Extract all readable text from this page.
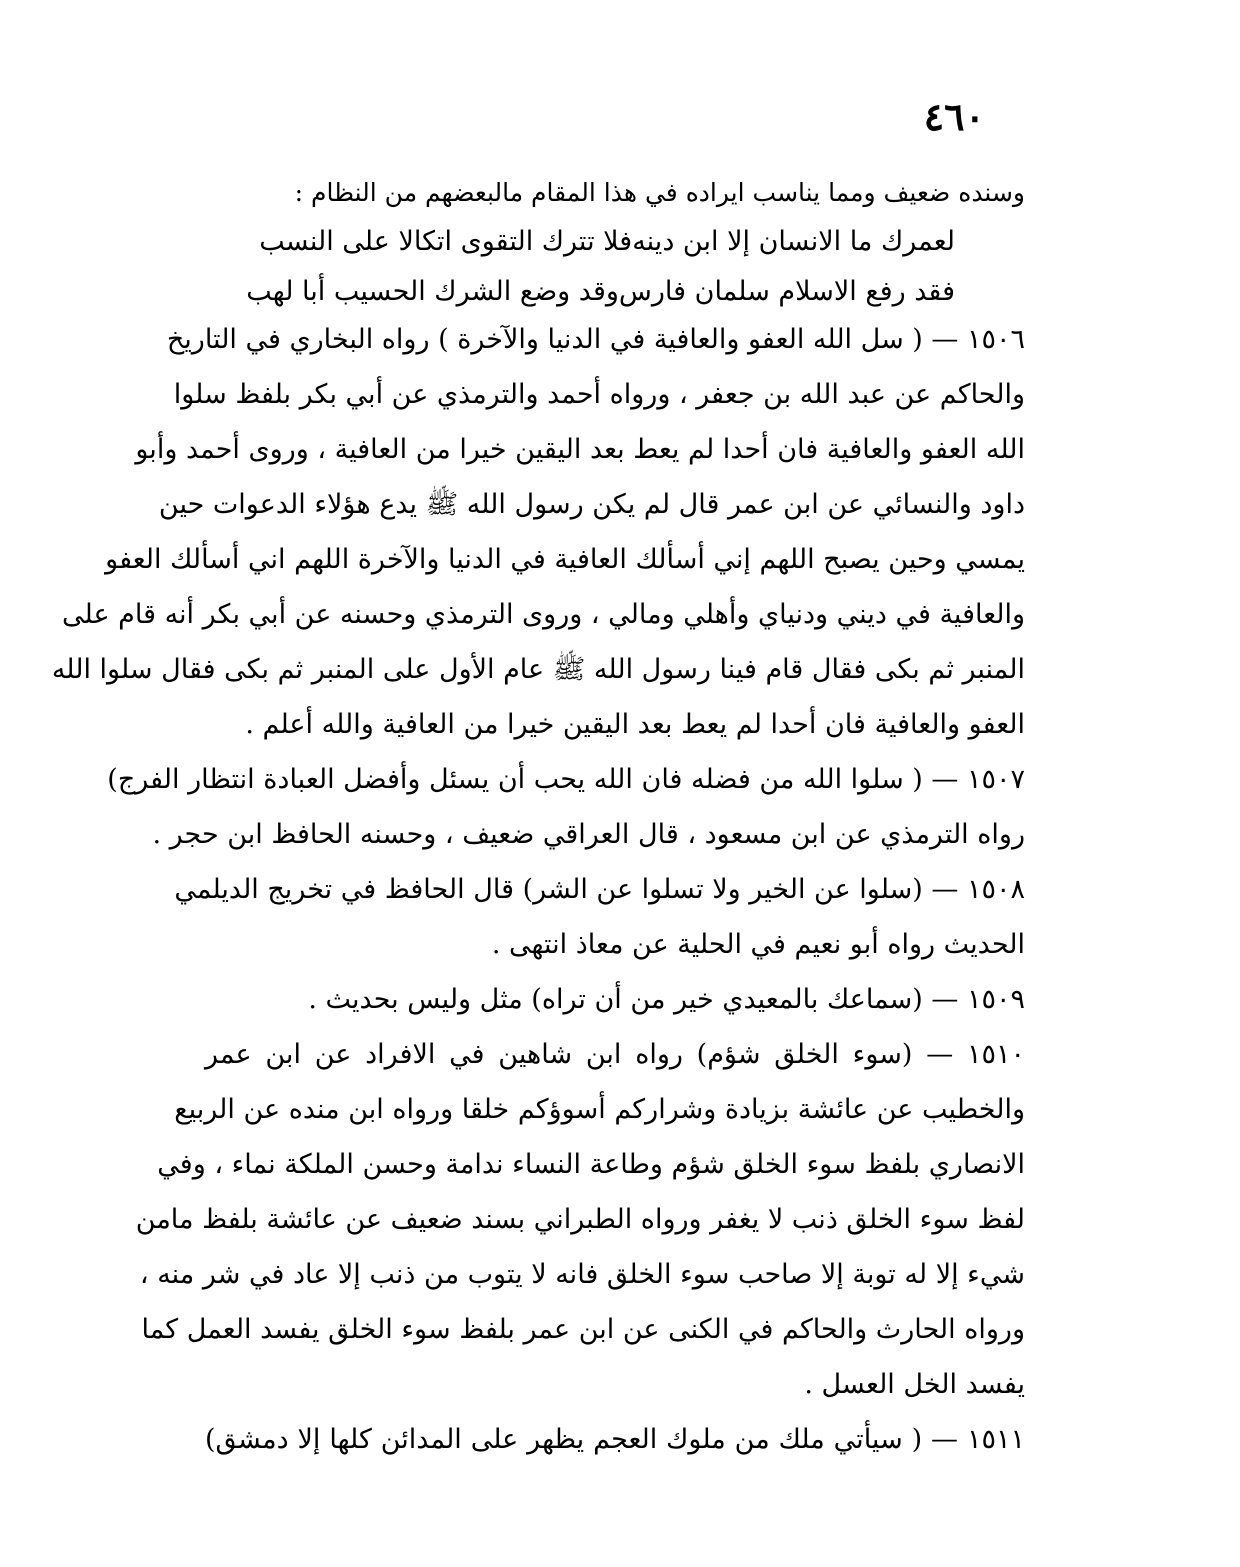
٤٦٠
وسنده ضعيف ومما يناسب ايراده في هذا المقام مالبعضهم من النظام :
لعمرك ما الانسان إلا ابن دينه
فلا تترك التقوى اتكالا على النسب
فقد رفع الاسلام سلمان فارس
وقد وضع الشرك الحسيب أبا لهب
١٥٠٦ — ( سل الله العفو والعافية في الدنيا والآخرة ) رواه البخاري في التاريخ
والحاكم عن عبد الله بن جعفر ، ورواه أحمد والترمذي عن أبي بكر بلفظ سلوا
الله العفو والعافية فان أحدا لم يعط بعد اليقين خيرا من العافية ، وروى أحمد وأبو
داود والنسائي عن ابن عمر قال لم يكن رسول الله ﷺ يدع هؤلاء الدعوات حين
يمسي وحين يصبح اللهم إني أسألك العافية في الدنيا والآخرة اللهم اني أسألك العفو
والعافية في ديني ودنياي وأهلي ومالي ، وروى الترمذي وحسنه عن أبي بكر أنه قام على
المنبر ثم بكى فقال قام فينا رسول الله ﷺ عام الأول على المنبر ثم بكى فقال سلوا الله
العفو والعافية فان أحدا لم يعط بعد اليقين خيرا من العافية والله أعلم .
١٥٠٧ — ( سلوا الله من فضله فان الله يحب أن يسئل وأفضل العبادة انتظار الفرج)
رواه الترمذي عن ابن مسعود ، قال العراقي ضعيف ، وحسنه الحافظ ابن حجر .
١٥٠٨ — (سلوا عن الخير ولا تسلوا عن الشر) قال الحافظ في تخريج الديلمي
الحديث رواه أبو نعيم في الحلية عن معاذ انتهى .
١٥٠٩ — (سماعك بالمعيدي خير من أن تراه) مثل وليس بحديث .
١٥١٠ — (سوء الخلق شؤم) رواه ابن شاهين في الافراد عن ابن عمر
والخطيب عن عائشة بزيادة وشراركم أسوؤكم خلقا ورواه ابن منده عن الربيع
الانصاري بلفظ سوء الخلق شؤم وطاعة النساء ندامة وحسن الملكة نماء ، وفي
لفظ سوء الخلق ذنب لا يغفر ورواه الطبراني بسند ضعيف عن عائشة بلفظ مامن
شيء إلا له توبة إلا صاحب سوء الخلق فانه لا يتوب من ذنب إلا عاد في شر منه ،
ورواه الحارث والحاكم في الكنى عن ابن عمر بلفظ سوء الخلق يفسد العمل كما
يفسد الخل العسل .
١٥١١ — ( سيأتي ملك من ملوك العجم يظهر على المدائن كلها إلا دمشق)
